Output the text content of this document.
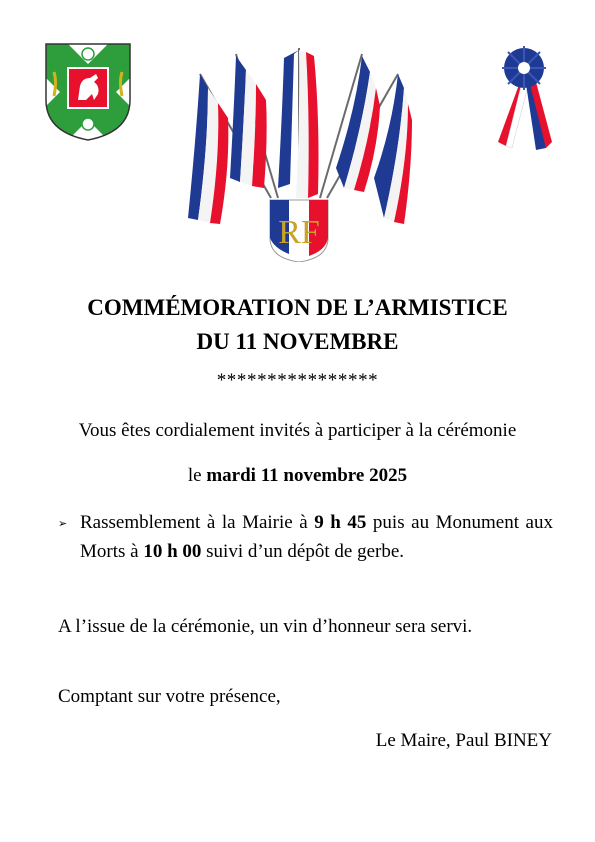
RF
COMMÉMORATION DE L’ARMISTICE
DU 11 NOVEMBRE
****************
Vous êtes cordialement invités à participer à la cérémonie
le mardi 11 novembre 2025
➢ Rassemblement à la Mairie à 9 h 45 puis au Monument aux Morts à 10 h 00 suivi d’un dépôt de gerbe.
A l’issue de la cérémonie, un vin d’honneur sera servi.
Comptant sur votre présence,
Le Maire, Paul BINEY
